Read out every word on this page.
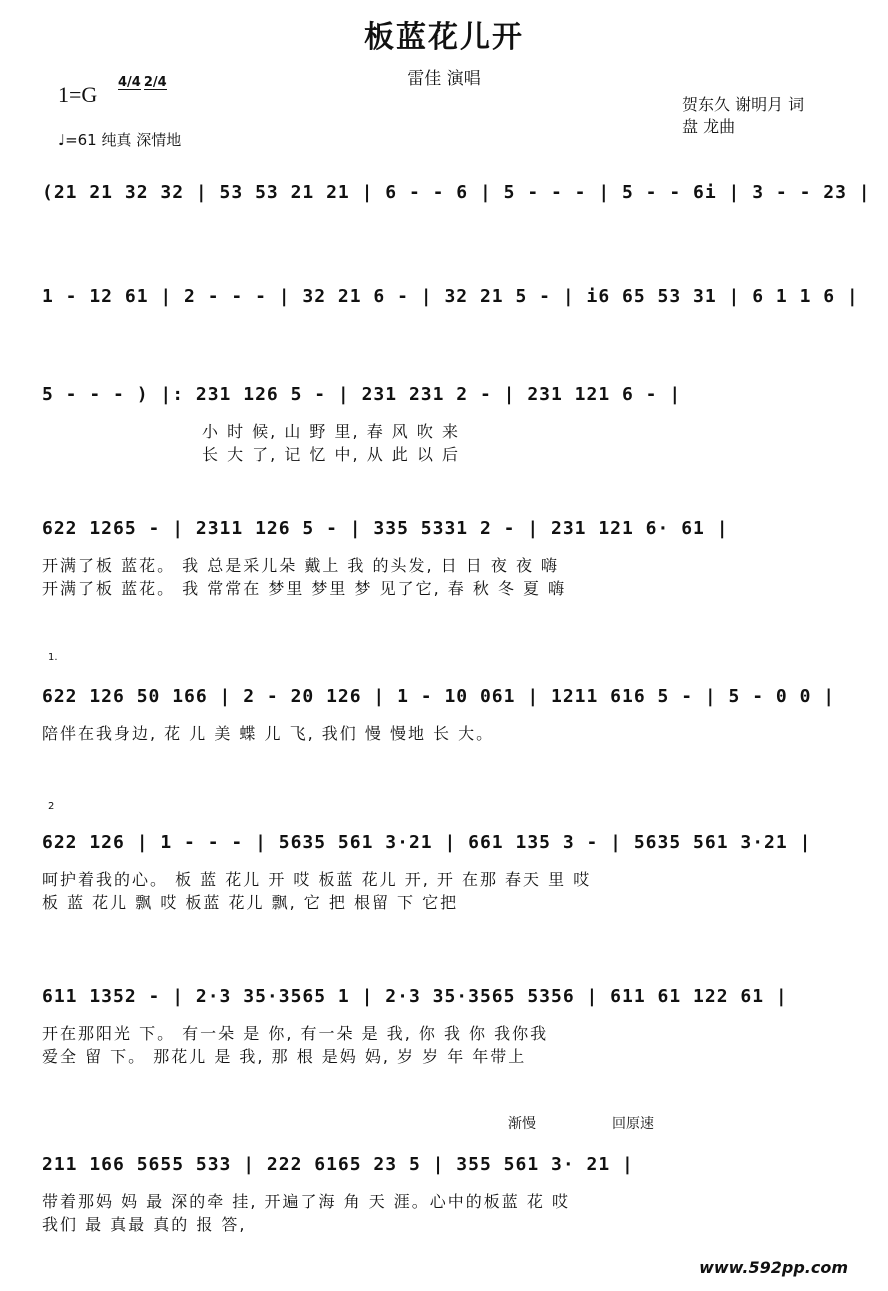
板蓝花儿开
雷佳 演唱
1=G 4/4 2/4
♩=61 纯真 深情地
贺东久 谢明月 词
盘 龙曲
(21 21 32 32 | 53 53 21 21 | 6 - - 6 | 5 - - - | 5 - - 6i | 3 - - 23 |
1 - 12 61 | 2 - - - | 32 21 6 - | 32 21 5 - | i6 65 53 31 | 6 1 1 6 |
5 - - - ) |: 231 126 5 - | 231 231 2 - | 231 121 6 - |
小 时 候, 山 野 里, 春 风 吹 来
长 大 了, 记 忆 中, 从 此 以 后
622 1265 - | 2311 126 5 - | 335 5331 2 - | 231 121 6· 61 |
开满了板 蓝花。 我 总是采儿朵 戴上 我 的头发, 日 日 夜 夜 嗨
开满了板 蓝花。 我 常常在 梦里 梦里 梦 见了它, 春 秋 冬 夏 嗨
1.
622 126 50 166 | 2 - 20 126 | 1 - 10 061 | 1211 616 5 - | 5 - 0 0 |
陪伴在我身边, 花 儿 美 蝶 儿 飞, 我们 慢 慢地 长 大。
2
622 126 | 1 - - - | 5635 561 3·21 | 661 135 3 - | 5635 561 3·21 |
呵护着我的心。 板 蓝 花儿 开 哎 板蓝 花儿 开, 开 在那 春天 里 哎
板 蓝 花儿 飘 哎 板蓝 花儿 飘, 它 把 根留 下 它把
611 1352 - | 2·3 35·3565 1 | 2·3 35·3565 5356 | 611 61 122 61 |
开在那阳光 下。 有一朵 是 你, 有一朵 是 我, 你 我 你 我你我
爱全 留 下。 那花儿 是 我, 那 根 是妈 妈, 岁 岁 年 年带上
渐慢	回原速
211 166 5655 533 | 222 6165 23 5 | 355 561 3· 21 |
带着那妈 妈 最 深的牵 挂, 开遍了海 角 天 涯。心中的板蓝 花 哎
我们 最 真最 真的 报 答,
www.592pp.com
